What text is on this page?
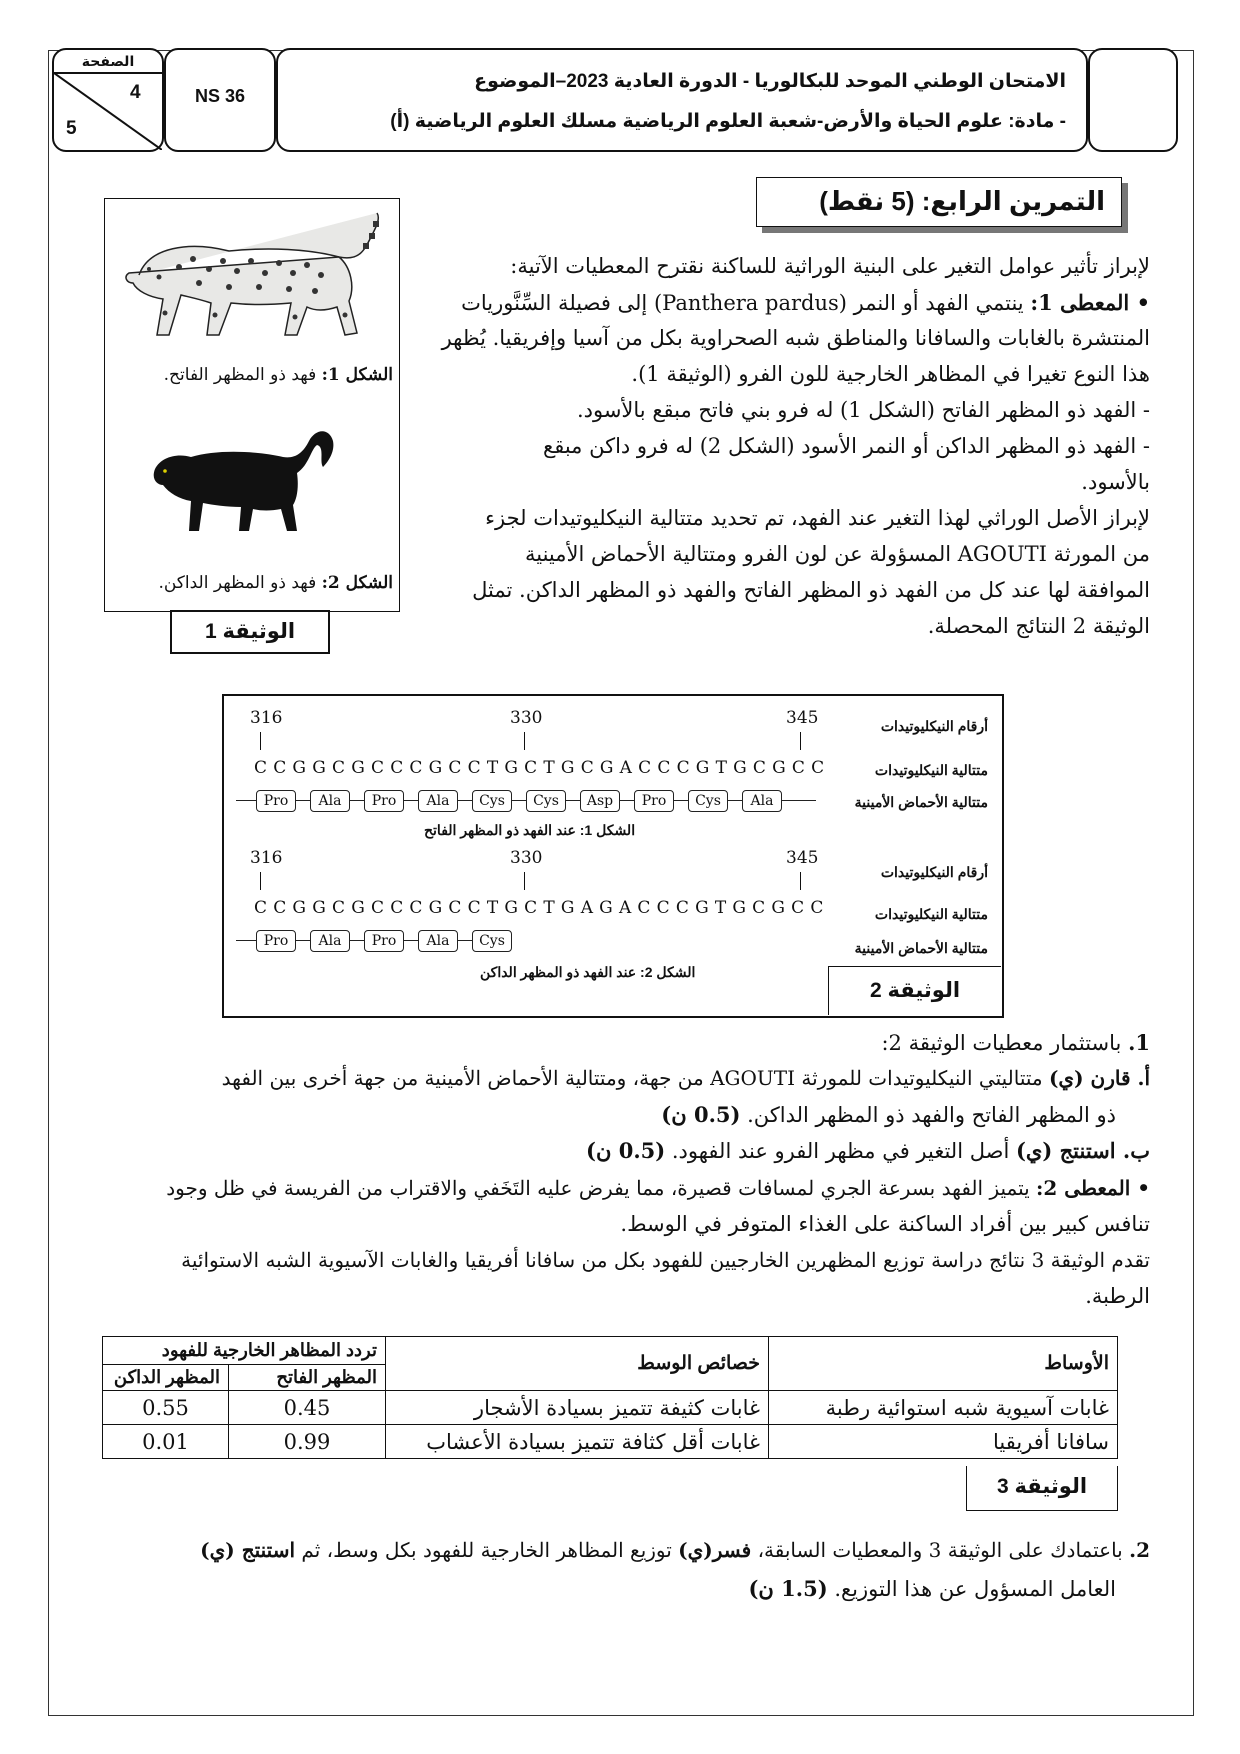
الصفحة
4
5
NS 36
الامتحان الوطني الموحد للبكالوريا - الدورة العادية 2023–الموضوع
- مادة: علوم الحياة والأرض-شعبة العلوم الرياضية مسلك العلوم الرياضية (أ)
التمرين الرابع: (5 نقط)
الشكل 1: فهد ذو المظهر الفاتح.
الشكل 2: فهد ذو المظهر الداكن.
الوثيقة 1
لإبراز تأثير عوامل التغير على البنية الوراثية للساكنة نقترح المعطيات الآتية:
• المعطى 1: ينتمي الفهد أو النمر (Panthera pardus) إلى فصيلة السِّنَّوريات
المنتشرة بالغابات والسافانا والمناطق شبه الصحراوية بكل من آسيا وإفريقيا. يُظهر
هذا النوع تغيرا في المظاهر الخارجية للون الفرو (الوثيقة 1).
- الفهد ذو المظهر الفاتح (الشكل 1) له فرو بني فاتح مبقع بالأسود.
- الفهد ذو المظهر الداكن أو النمر الأسود (الشكل 2) له فرو داكن مبقع
بالأسود.
لإبراز الأصل الوراثي لهذا التغير عند الفهد، تم تحديد متتالية النيكليوتيدات لجزء
من المورثة AGOUTI المسؤولة عن لون الفرو ومتتالية الأحماض الأمينية
الموافقة لها عند كل من الفهد ذو المظهر الفاتح والفهد ذو المظهر الداكن. تمثل
الوثيقة 2 النتائج المحصلة.
316	330	345	أرقام النيكليوتيدات
C C G G C G C C C G C C T G C T G C G A C C C G T G C G C C	متتالية النيكليوتيدات
Pro	Ala	Pro	Ala	Cys	Cys	Asp	Pro	Cys	Ala	متتالية الأحماض الأمينية
الشكل 1: عند الفهد ذو المظهر الفاتح
316	330	345
أرقام النيكليوتيدات
C C G G C G C C C G C C T G C T G A G A C C C G T G C G C C	متتالية النيكليوتيدات
Pro	Ala	Pro	Ala	Cys	متتالية الأحماض الأمينية
الشكل 2: عند الفهد ذو المظهر الداكن
الوثيقة 2
1. باستثمار معطيات الوثيقة 2:
أ. قارن (ي) متتاليتي النيكليوتيدات للمورثة AGOUTI من جهة، ومتتالية الأحماض الأمينية من جهة أخرى بين الفهد
ذو المظهر الفاتح والفهد ذو المظهر الداكن. (0.5 ن)
ب. استنتج (ي) أصل التغير في مظهر الفرو عند الفهود. (0.5 ن)
• المعطى 2: يتميز الفهد بسرعة الجري لمسافات قصيرة، مما يفرض عليه التَخَفي والاقتراب من الفريسة في ظل وجود
تنافس كبير بين أفراد الساكنة على الغذاء المتوفر في الوسط.
تقدم الوثيقة 3 نتائج دراسة توزيع المظهرين الخارجيين للفهود بكل من سافانا أفريقيا والغابات الآسيوية الشبه الاستوائية
الرطبة.
الأوساط	خصائص الوسط	تردد المظاهر الخارجية للفهود	
		المظهر الفاتح	المظهر الداكن
غابات آسيوية شبه استوائية رطبة	غابات كثيفة تتميز بسيادة الأشجار	0.45	0.55
سافانا أفريقيا	غابات أقل كثافة تتميز بسيادة الأعشاب	0.99	0.01
الوثيقة 3
2. باعتمادك على الوثيقة 3 والمعطيات السابقة، فسر(ي) توزيع المظاهر الخارجية للفهود بكل وسط، ثم استنتج (ي)
العامل المسؤول عن هذا التوزيع. (1.5 ن)
